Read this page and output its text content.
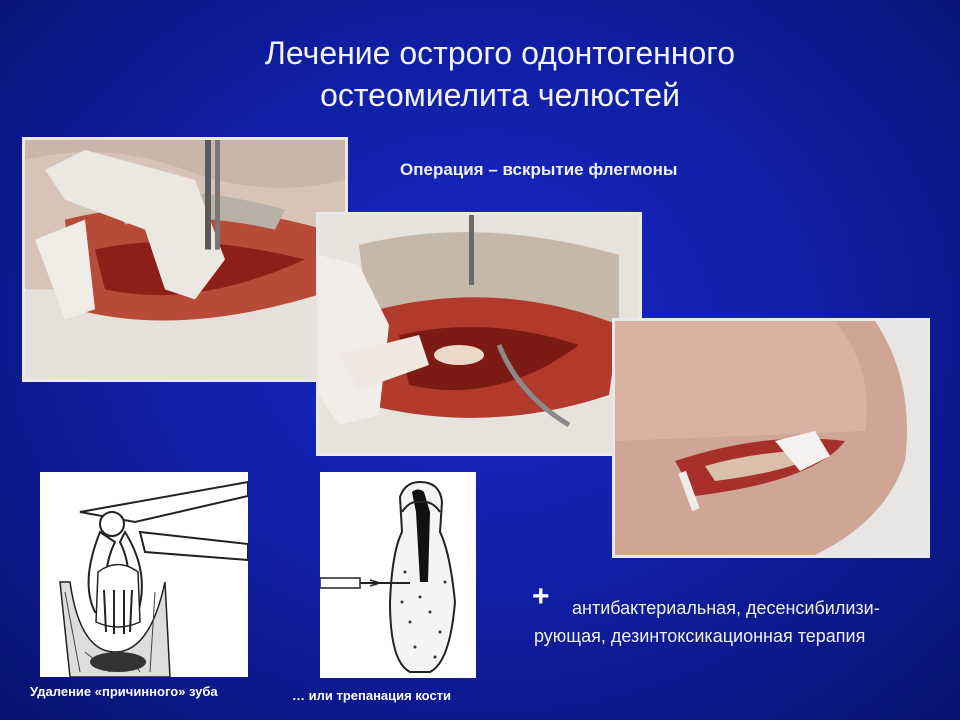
Лечение острого одонтогенного
остеомиелита челюстей
Операция – вскрытие флегмоны
Удаление «причинного» зуба	… или трепанация кости
+	антибактериальная, десенсибилизи-рующая, дезинтоксикационная терапия
